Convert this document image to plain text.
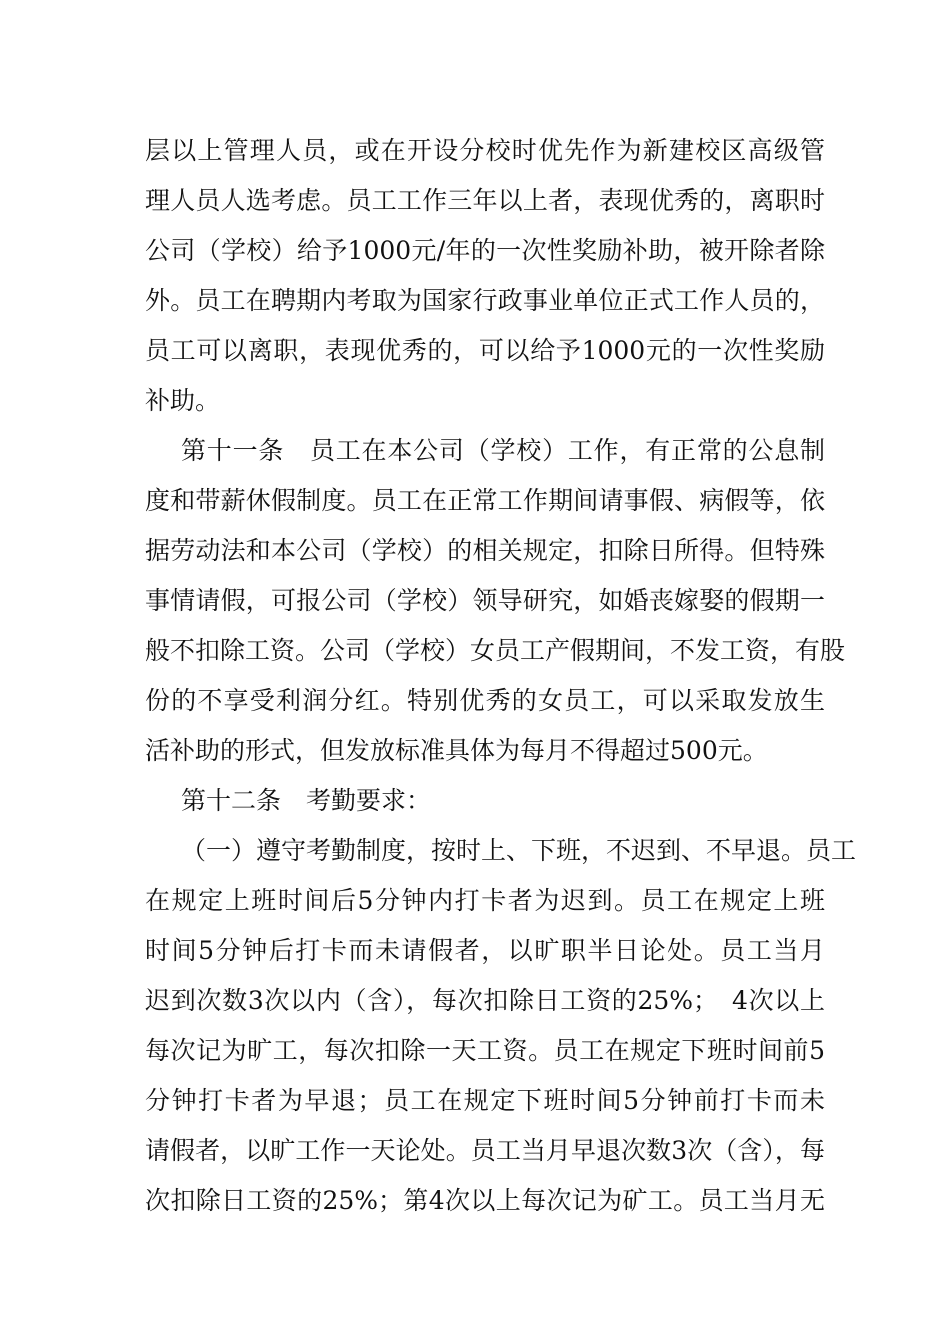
层以上管理人员，或在开设分校时优先作为新建校区高级管
理人员人选考虑。员工工作三年以上者，表现优秀的，离职时
公司（学校）给予1000元/年的一次性奖励补助，被开除者除
外。员工在聘期内考取为国家行政事业单位正式工作人员的，
员工可以离职，表现优秀的，可以给予1000元的一次性奖励
补助。
第十一条　员工在本公司（学校）工作，有正常的公息制
度和带薪休假制度。员工在正常工作期间请事假、病假等，依
据劳动法和本公司（学校）的相关规定，扣除日所得。但特殊
事情请假，可报公司（学校）领导研究，如婚丧嫁娶的假期一
般不扣除工资。公司（学校）女员工产假期间，不发工资，有股
份的不享受利润分红。特别优秀的女员工，可以采取发放生
活补助的形式，但发放标准具体为每月不得超过500元。
第十二条　考勤要求：
（一）遵守考勤制度，按时上、下班，不迟到、不早退。员工
在规定上班时间后5分钟内打卡者为迟到。员工在规定上班
时间5分钟后打卡而未请假者，以旷职半日论处。员工当月
迟到次数3次以内（含），每次扣除日工资的25%；　4次以上
每次记为旷工，每次扣除一天工资。员工在规定下班时间前5
分钟打卡者为早退；员工在规定下班时间5分钟前打卡而未
请假者，以旷工作一天论处。员工当月早退次数3次（含），每
次扣除日工资的25%；第4次以上每次记为矿工。员工当月无
